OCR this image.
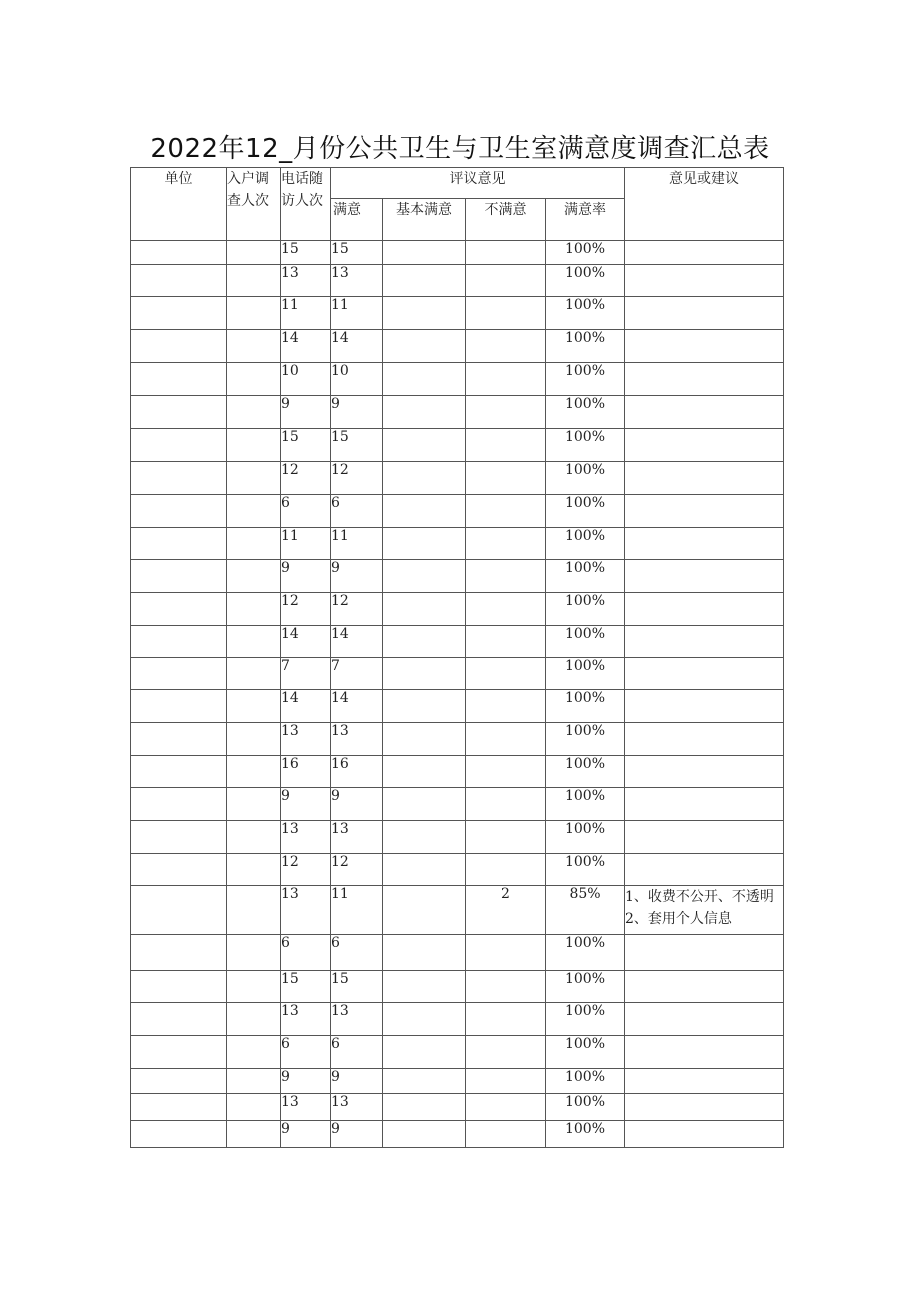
2022年12_月份公共卫生与卫生室满意度调查汇总表
单位	入户调查人次	电话随访人次	评议意见				意见或建议
			满意	基本满意	不满意	满意率	
		15	15			100%	
		13	13			100%	
		11	11			100%	
		14	14			100%	
		10	10			100%	
		9	9			100%	
		15	15			100%	
		12	12			100%	
		6	6			100%	
		11	11			100%	
		9	9			100%	
		12	12			100%	
		14	14			100%	
		7	7			100%	
		14	14			100%	
		13	13			100%	
		16	16			100%	
		9	9			100%	
		13	13			100%	
		12	12			100%	
		13	11		2	85%	1、收费不公开、不透明
2、套用个人信息

		6	6			100%	
		15	15			100%	
		13	13			100%	
		6	6			100%	
		9	9			100%	
		13	13			100%	
		9	9			100%	
